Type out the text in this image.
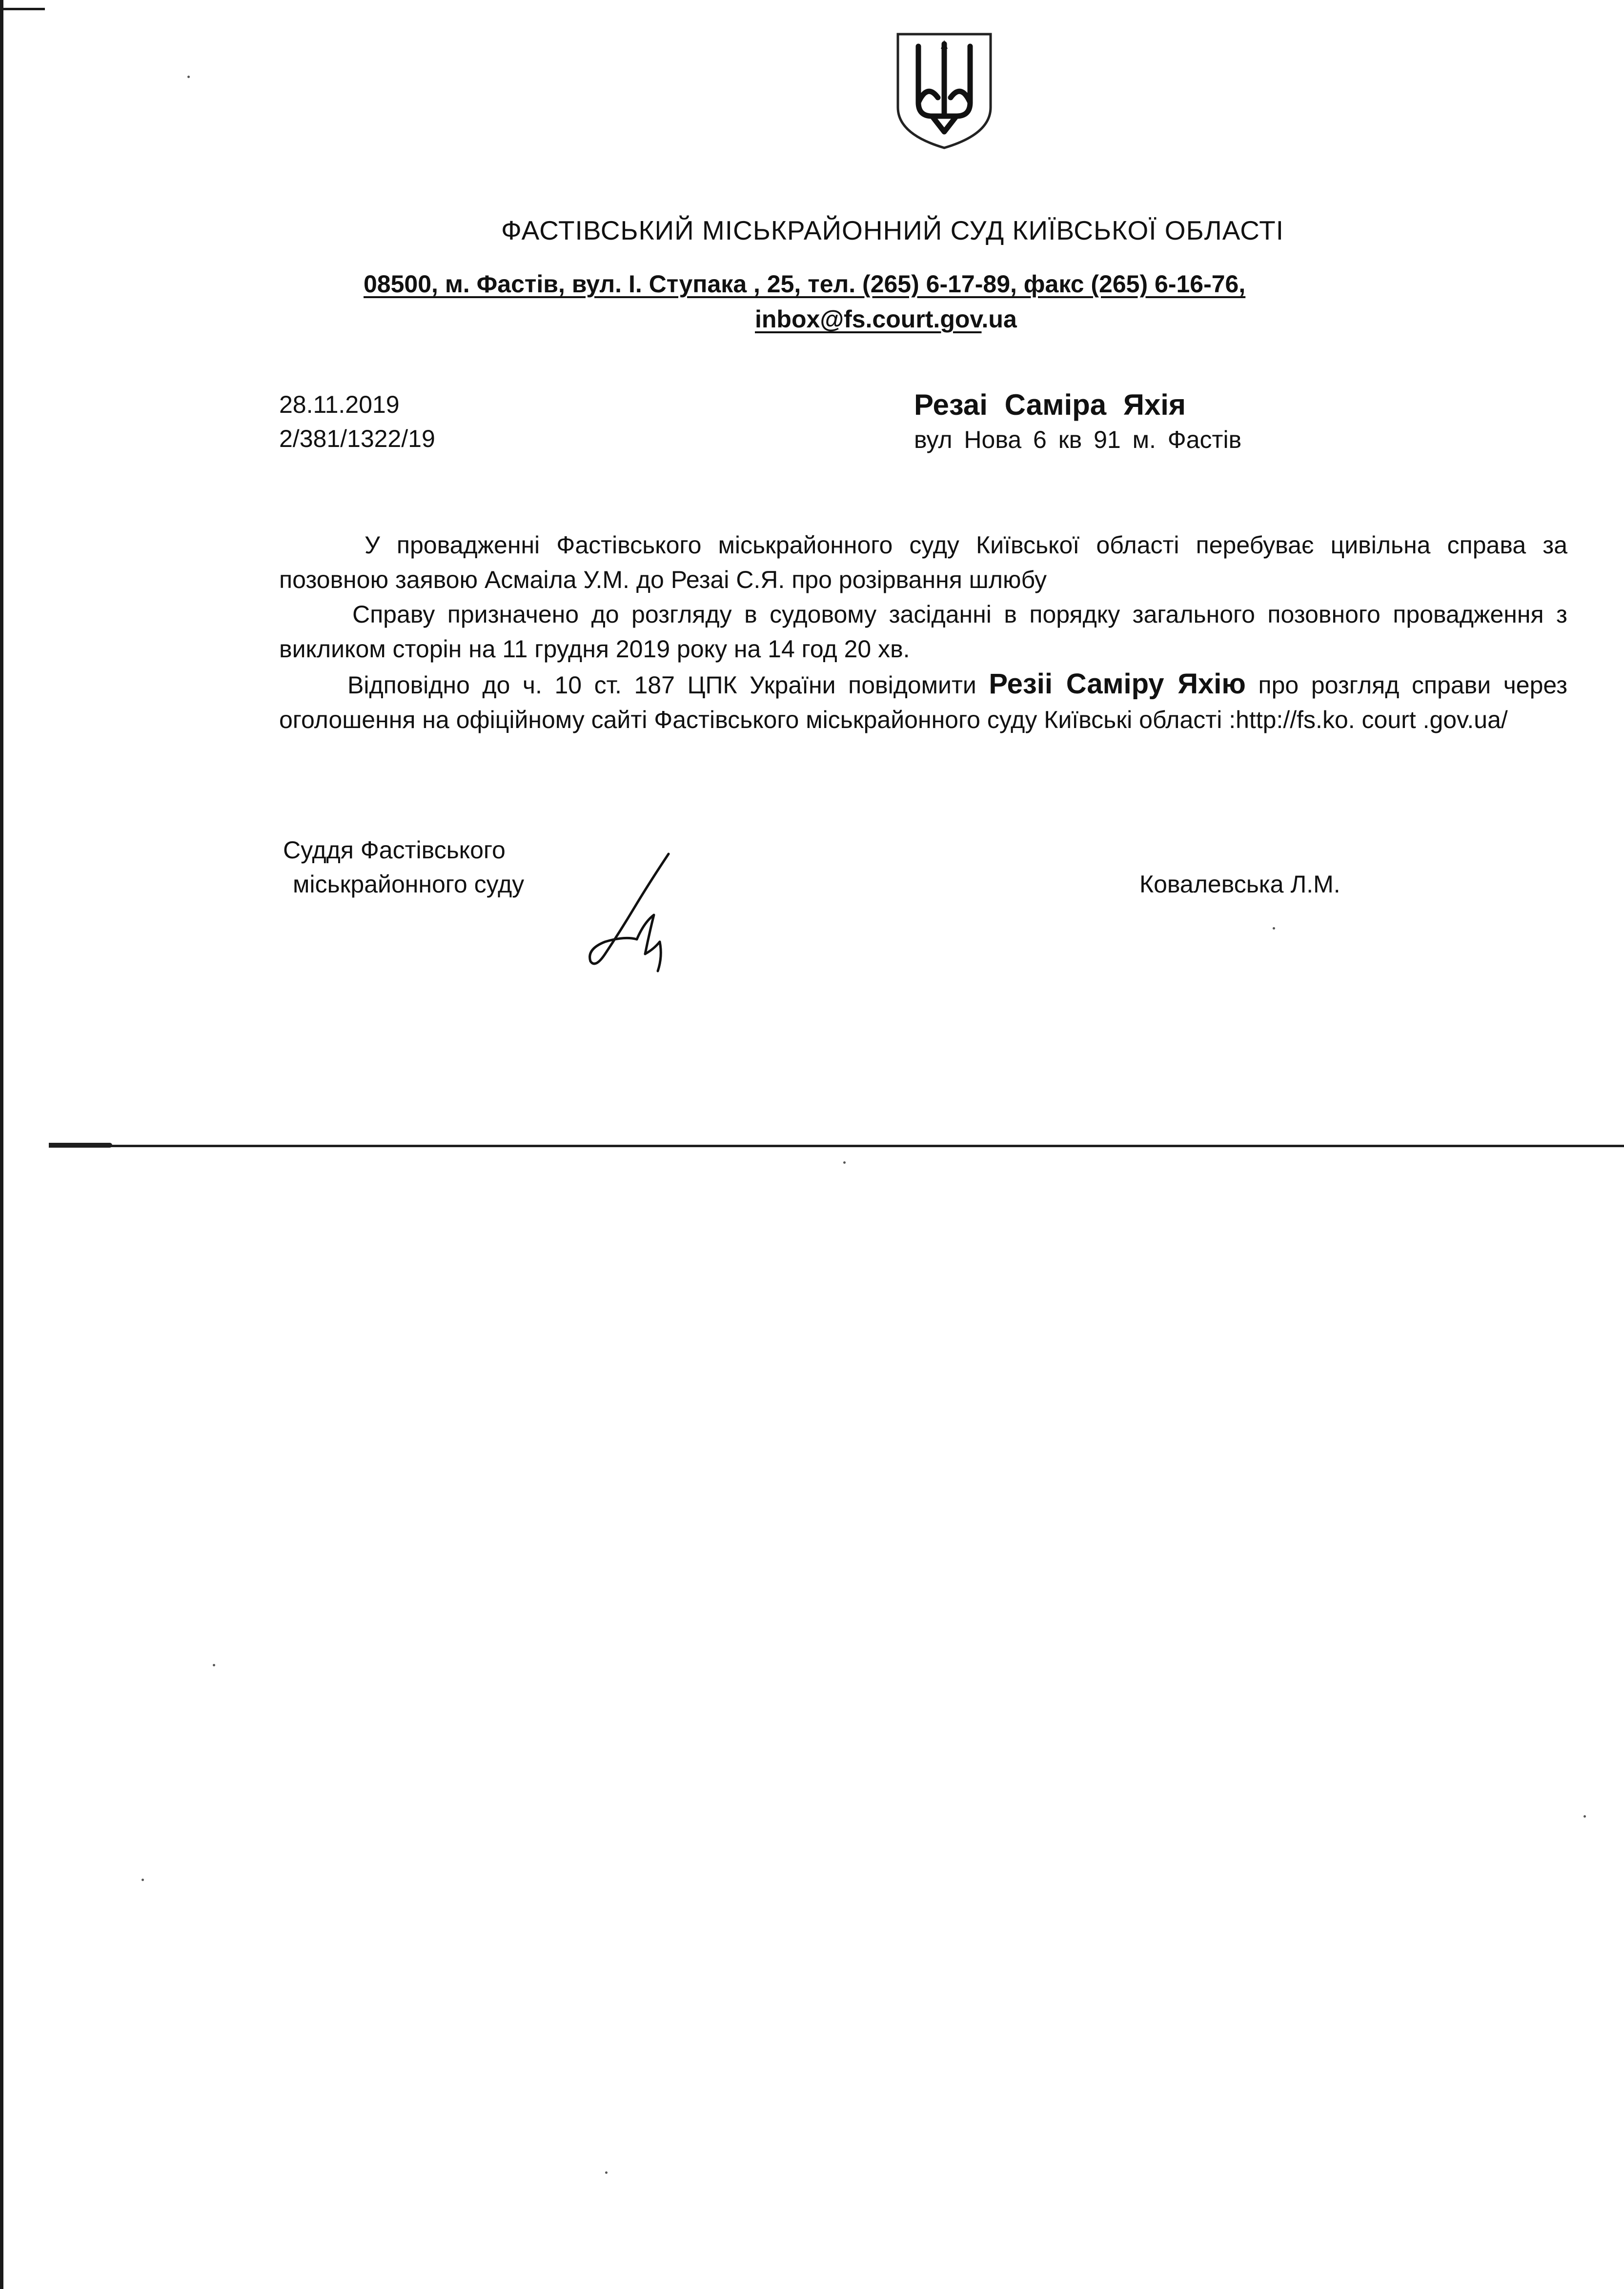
ФАСТІВСЬКИЙ МІСЬКРАЙОННИЙ СУД КИЇВСЬКОЇ ОБЛАСТІ
08500, м. Фастів, вул. І. Ступака , 25, тел. (265) 6-17-89, факс (265) 6-16-76,
inbox@fs.court.gov.ua
28.11.2019
2/381/1322/19
Резаі Саміра Яхія
вул Нова 6 кв 91 м. Фастів

У провадженні Фастівського міськрайонного суду Київської області перебуває цивільна справа за позовною заявою Асмаіла У.М. до Резаі С.Я. про розірвання шлюбу

Справу призначено до розгляду в судовому засіданні в порядку загального позовного провадження з викликом сторін на 11 грудня 2019 року на 14 год 20 хв.

Відповідно до ч. 10 ст. 187 ЦПК України повідомити Резіі Саміру Яхію про розгляд справи через оголошення на офіційному сайті Фастівського міськрайонного суду Київські області :http://fs.ko. court .gov.ua/

Суддя Фастівського
міськрайонного суду	Ковалевська Л.М.
